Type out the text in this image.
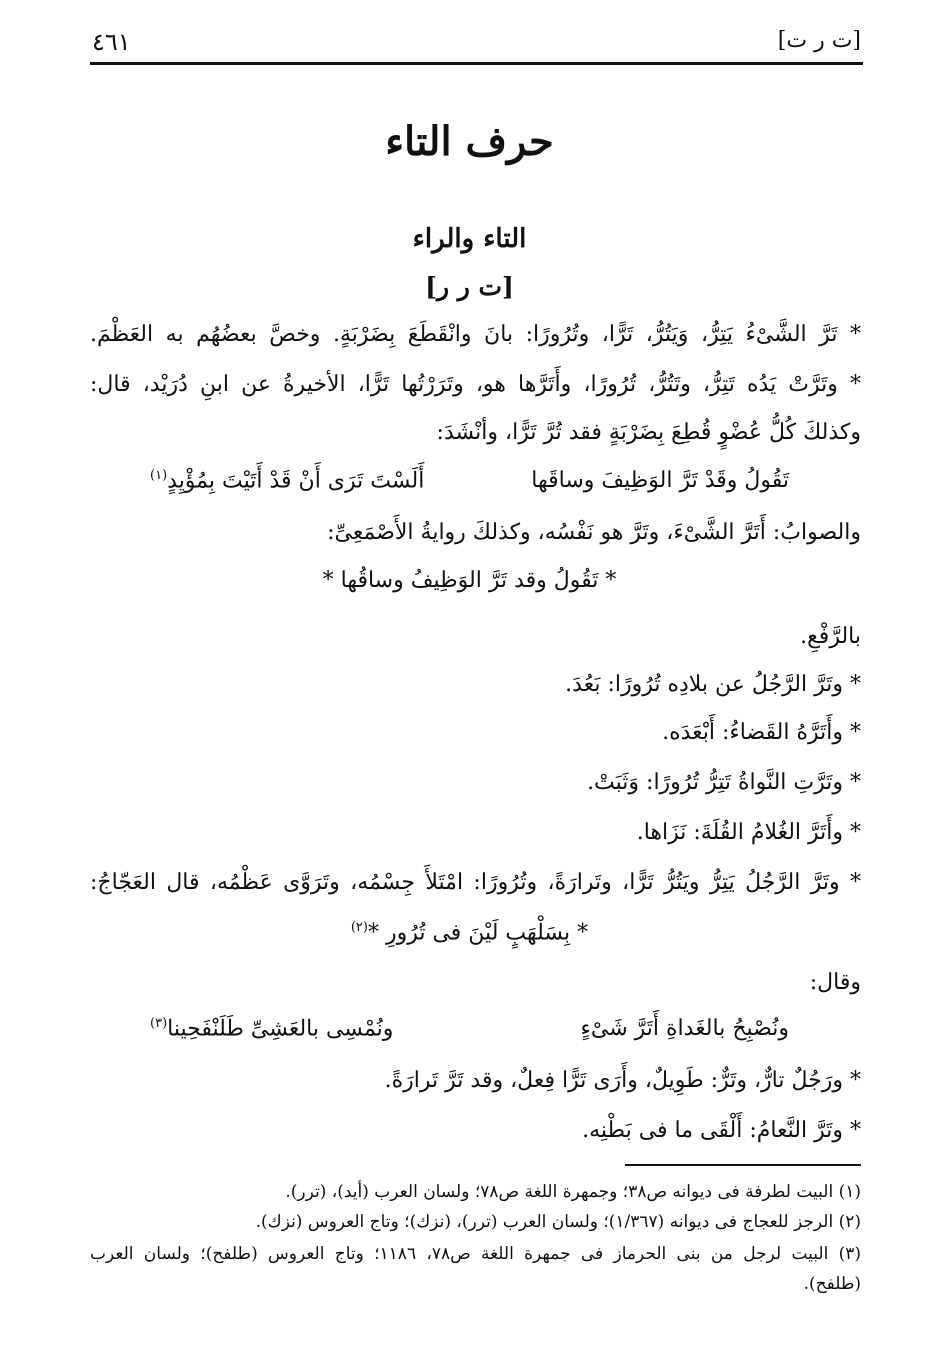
[ت ر ت]
٤٦١
حرف التاء
التاء والراء
[ت ر ر]
* تَرَّ الشَّىْءُ يَتِرُّ، وَيَتُرُّ، تَرًّا، وتُرُورًا: بانَ وانْقَطَعَ بِضَرْبَةٍ. وخصَّ بعضُهُم به العَظْمَ.
* وتَرَّتْ يَدُه تَتِرُّ، وتَتُرُّ، تُرُورًا، وأَتَرَّها هو، وتَرَرْتُها تَرًّا، الأخيرةُ عن ابنِ دُرَيْد، قال:
وكذلكَ كُلُّ عُضْوٍ قُطِعَ بِضَرْبَةٍ فقد تُرَّ تَرًّا، وأنْشَدَ:
تَقُولُ وقَدْ تَرَّ الوَظِيفَ وساقَها
أَلَسْتَ تَرَى أَنْ قَدْ أَتَيْتَ بِمُؤْيِدٍ$^{(١)}$
والصوابُ: أَتَرَّ الشَّىْءَ، وتَرَّ هو نَفْسُه، وكذلكَ روايةُ الأَصْمَعِىِّ:
* تَقُولُ وقد تَرَّ الوَظِيفُ وساقُها *
بالرَّفْعِ.
* وتَرَّ الرَّجُلُ عن بلادِه تُرُورًا: بَعُدَ.
* وأَتَرَّهُ القَضاءُ: أَبْعَدَه.
* وتَرَّتِ النَّواةُ تَتِرُّ تُرُورًا: وَثَبَتْ.
* وأَتَرَّ الغُلامُ القُلَةَ: نَزَاها.
* وتَرَّ الرَّجُلُ يَتِرُّ ويَتُرُّ تَرًّا، وتَرارَةً، وتُرُورًا: امْتَلأَ جِسْمُه، وتَرَوَّى عَظْمُه، قال العَجّاجُ:
* بِسَلْهَبٍ لَيْنَ فى تُرُورِ *$^{(٢)}$
وقال:
ونُصْبِحُ بالغَداةِ أَتَرَّ شَىْءٍ
ونُمْسِى بالعَشِىِّ طَلَنْفَحِينا$^{(٣)}$
* ورَجُلٌ تارٌّ، وتَرٌّ: طَوِيلٌ، وأَرَى تَرًّا فِعلٌ، وقد تَرَّ تَرارَةً.
* وتَرَّ النَّعامُ: أَلْقَى ما فى بَطْنِه.
(١) البيت لطرفة فى ديوانه ص٣٨؛ وجمهرة اللغة ص٧٨؛ ولسان العرب (أيد)، (ترر).
(٢) الرجز للعجاج فى ديوانه (١/٣٦٧)؛ ولسان العرب (ترر)، (نزك)؛ وتاج العروس (نزك).
(٣) البيت لرجل من بنى الحرماز فى جمهرة اللغة ص٧٨، ١١٨٦؛ وتاج العروس (طلفح)؛ ولسان العرب
(طلفح).
